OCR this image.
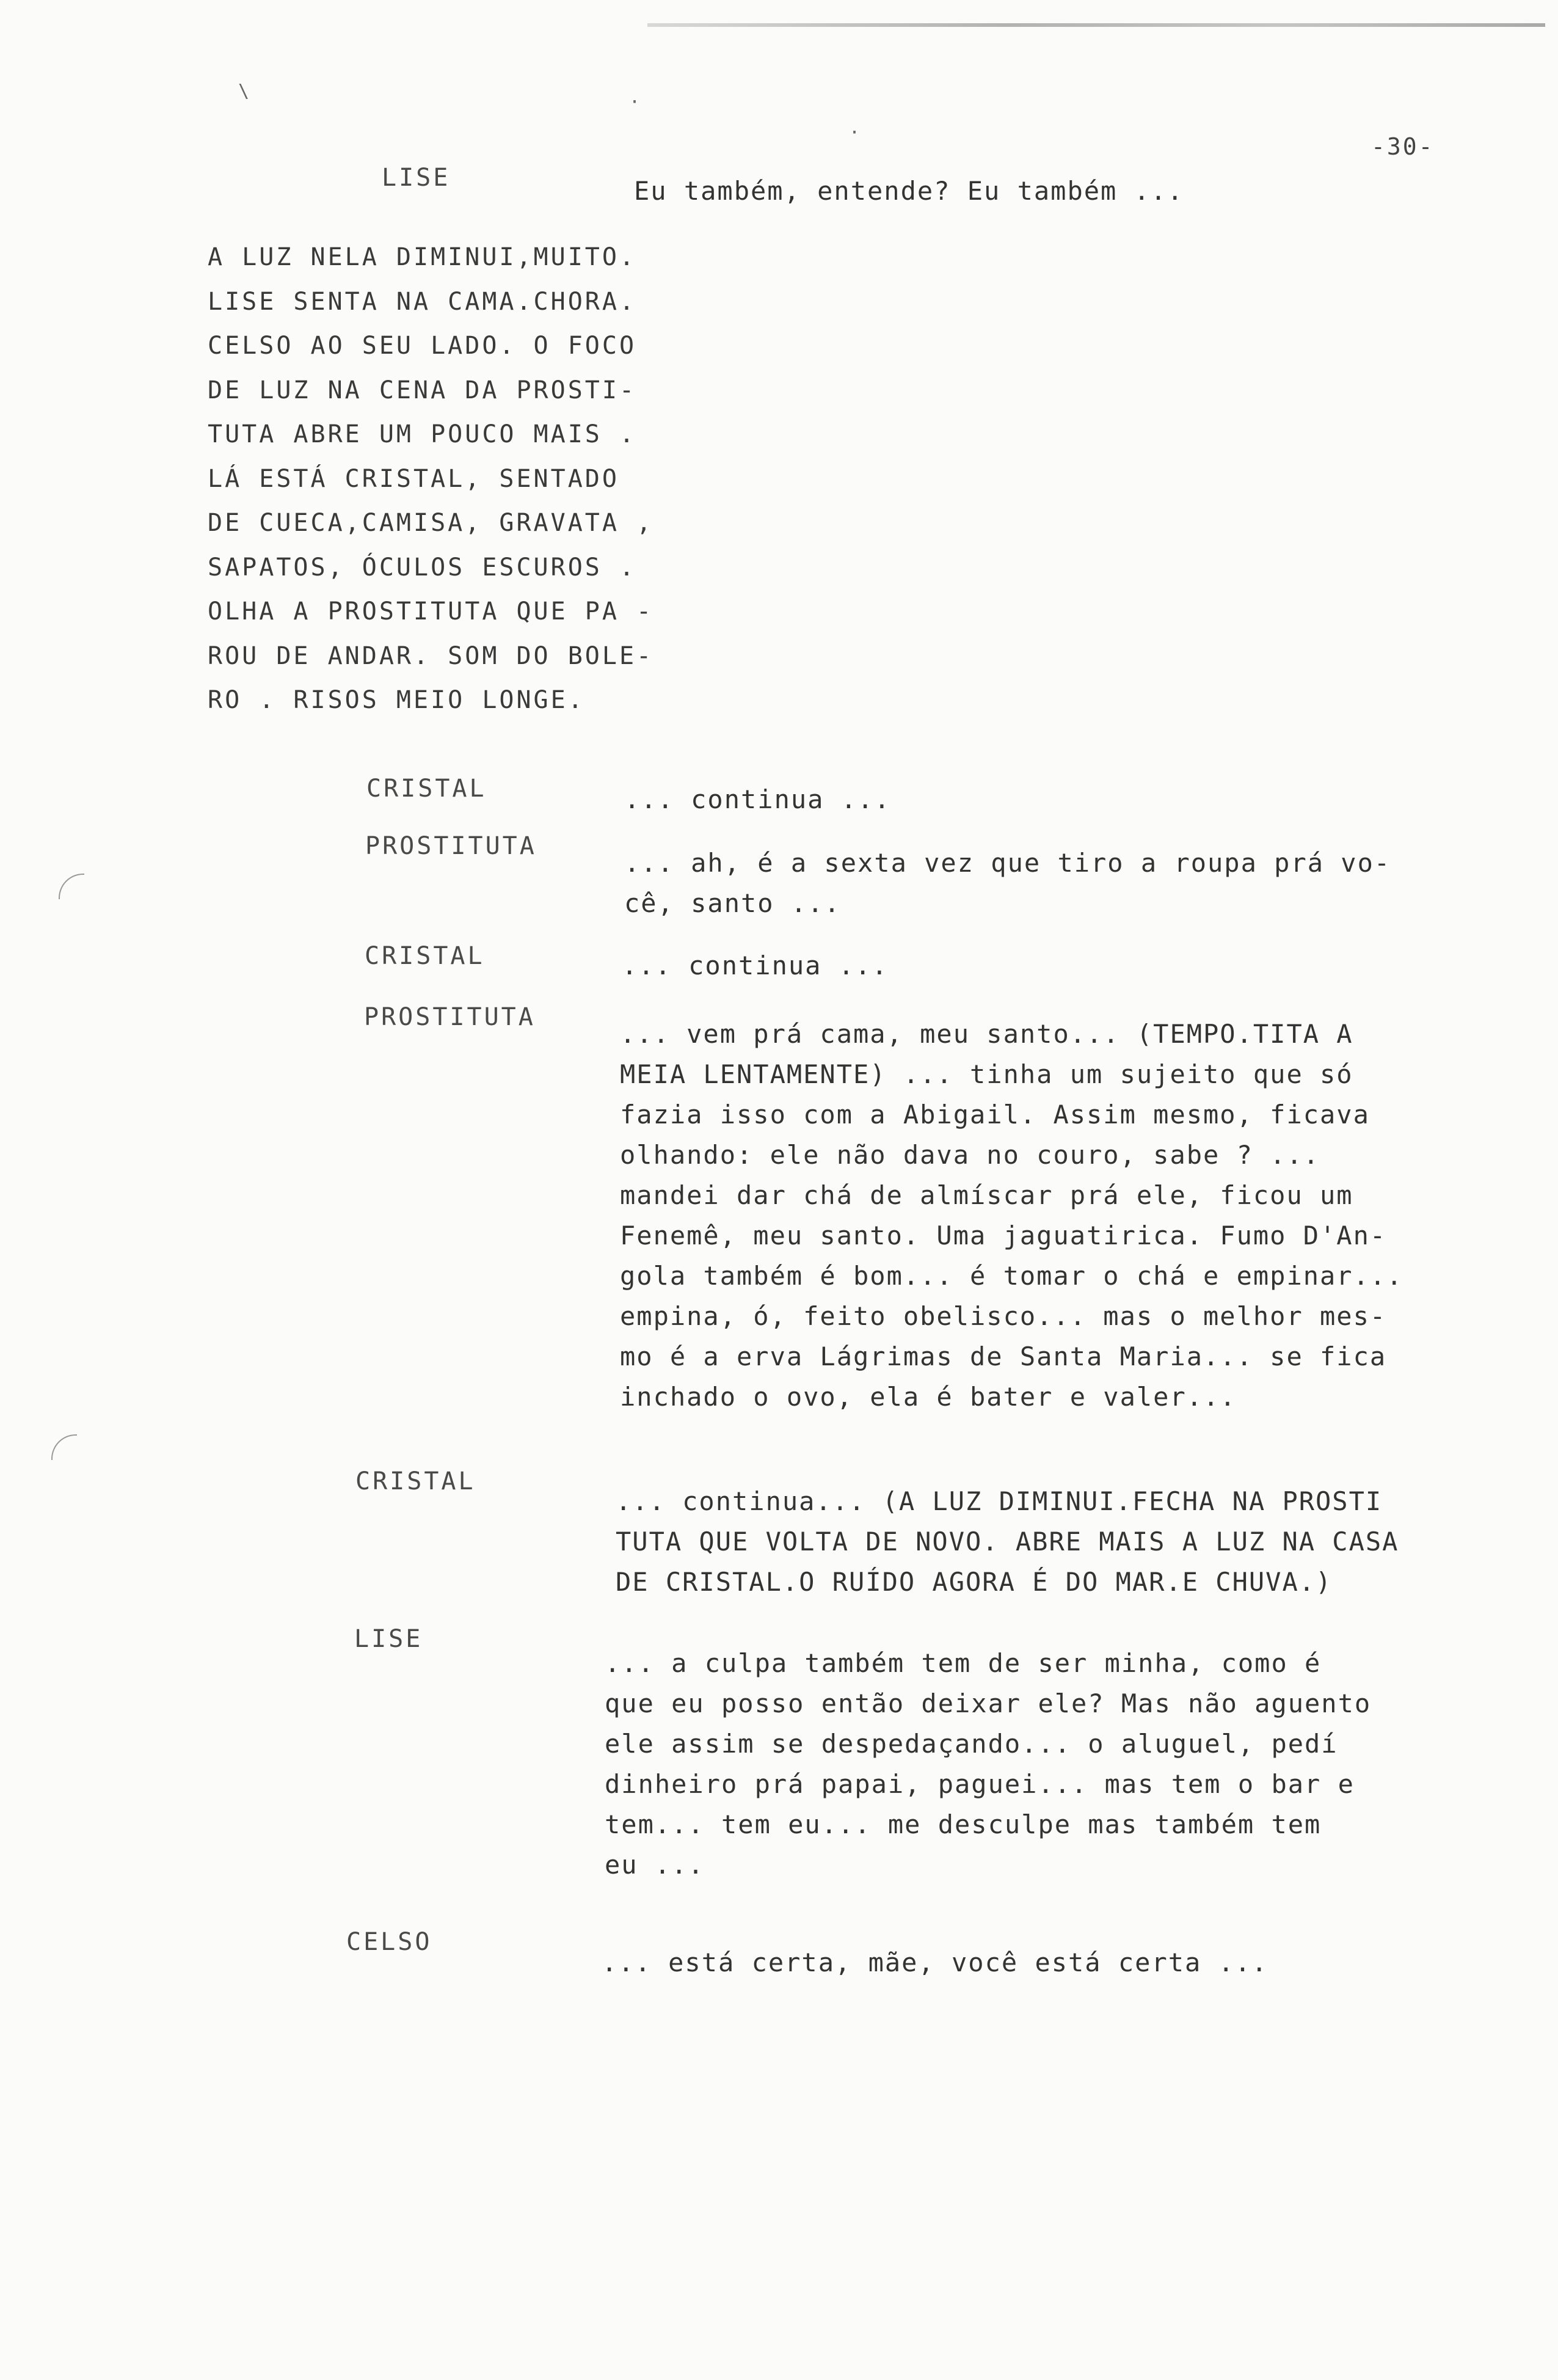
-30-
\
·
·
LISE	Eu também, entende? Eu também ...
A LUZ NELA DIMINUI,MUITO.
LISE SENTA NA CAMA.CHORA.
CELSO AO SEU LADO. O FOCO
DE LUZ NA CENA DA PROSTI-
TUTA ABRE UM POUCO MAIS .
LÁ ESTÁ CRISTAL, SENTADO
DE CUECA,CAMISA, GRAVATA ,
SAPATOS, ÓCULOS ESCUROS .
OLHA A PROSTITUTA QUE PA -
ROU DE ANDAR. SOM DO BOLE-
RO . RISOS MEIO LONGE.
CRISTAL	... continua ...
PROSTITUTA
... ah, é a sexta vez que tiro a roupa prá vo-
cê, santo ...
CRISTAL	... continua ...
PROSTITUTA
... vem prá cama, meu santo... (TEMPO.TITA A
MEIA LENTAMENTE) ... tinha um sujeito que só
fazia isso com a Abigail. Assim mesmo, ficava
olhando: ele não dava no couro, sabe ? ...
mandei dar chá de almíscar prá ele, ficou um
Fenemê, meu santo. Uma jaguatirica. Fumo D'An-
gola também é bom... é tomar o chá e empinar...
empina, ó, feito obelisco... mas o melhor mes-
mo é a erva Lágrimas de Santa Maria... se fica
inchado o ovo, ela é bater e valer...
CRISTAL
... continua... (A LUZ DIMINUI.FECHA NA PROSTI
TUTA QUE VOLTA DE NOVO. ABRE MAIS A LUZ NA CASA
DE CRISTAL.O RUÍDO AGORA É DO MAR.E CHUVA.)
LISE
... a culpa também tem de ser minha, como é
que eu posso então deixar ele? Mas não aguento
ele assim se despedaçando... o aluguel, pedí
dinheiro prá papai, paguei... mas tem o bar e
tem... tem eu... me desculpe mas também tem
eu ...
CELSO
... está certa, mãe, você está certa ...
